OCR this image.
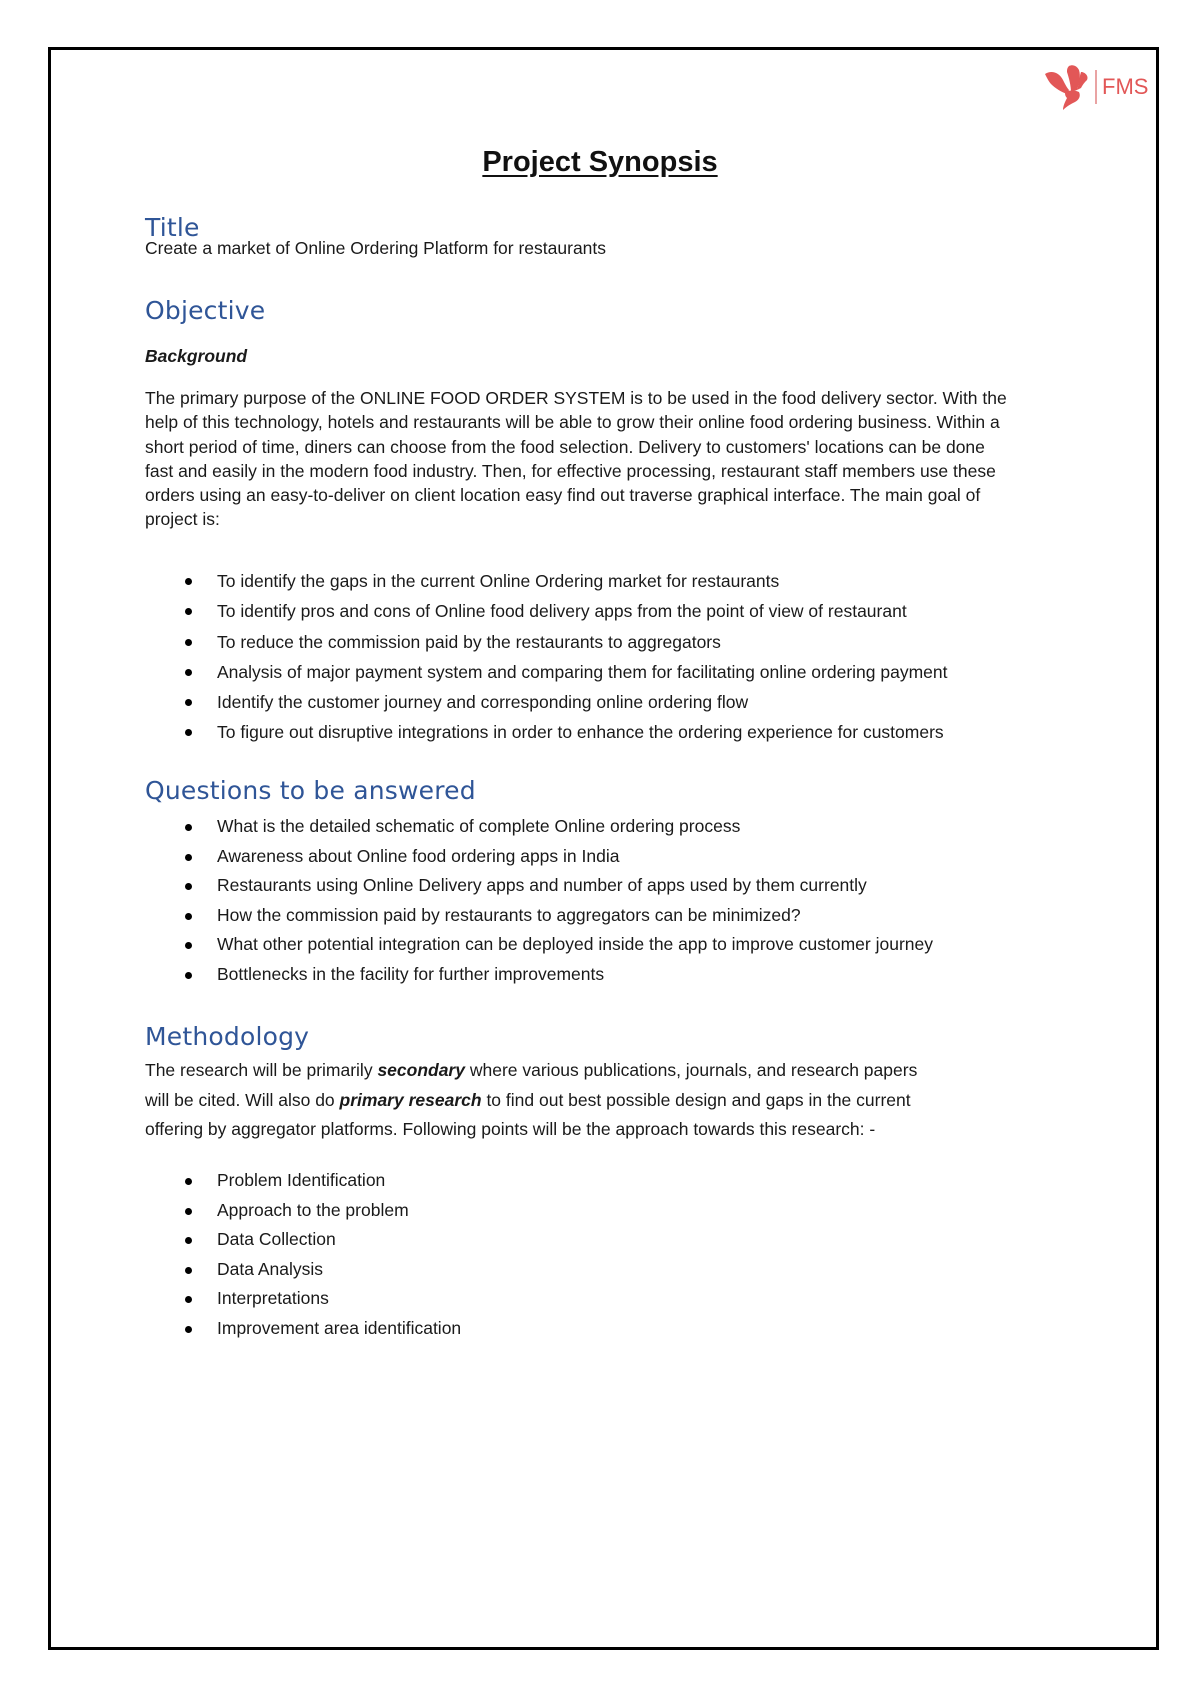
FMS
Project Synopsis
Title
Create a market of Online Ordering Platform for restaurants
Objective
Background
The primary purpose of the ONLINE FOOD ORDER SYSTEM is to be used in the food delivery sector. With the
help of this technology, hotels and restaurants will be able to grow their online food ordering business. Within a
short period of time, diners can choose from the food selection. Delivery to customers' locations can be done
fast and easily in the modern food industry. Then, for effective processing, restaurant staff members use these
orders using an easy-to-deliver on client location easy find out traverse graphical interface. The main goal of
project is:
To identify the gaps in the current Online Ordering market for restaurants
To identify pros and cons of Online food delivery apps from the point of view of restaurant
To reduce the commission paid by the restaurants to aggregators
Analysis of major payment system and comparing them for facilitating online ordering payment
Identify the customer journey and corresponding online ordering flow
To figure out disruptive integrations in order to enhance the ordering experience for customers
Questions to be answered
What is the detailed schematic of complete Online ordering process
Awareness about Online food ordering apps in India
Restaurants using Online Delivery apps and number of apps used by them currently
How the commission paid by restaurants to aggregators can be minimized?
What other potential integration can be deployed inside the app to improve customer journey
Bottlenecks in the facility for further improvements
Methodology
The research will be primarily secondary where various publications, journals, and research papers
will be cited. Will also do primary research to find out best possible design and gaps in the current
offering by aggregator platforms. Following points will be the approach towards this research: -
Problem Identification
Approach to the problem
Data Collection
Data Analysis
Interpretations
Improvement area identification
